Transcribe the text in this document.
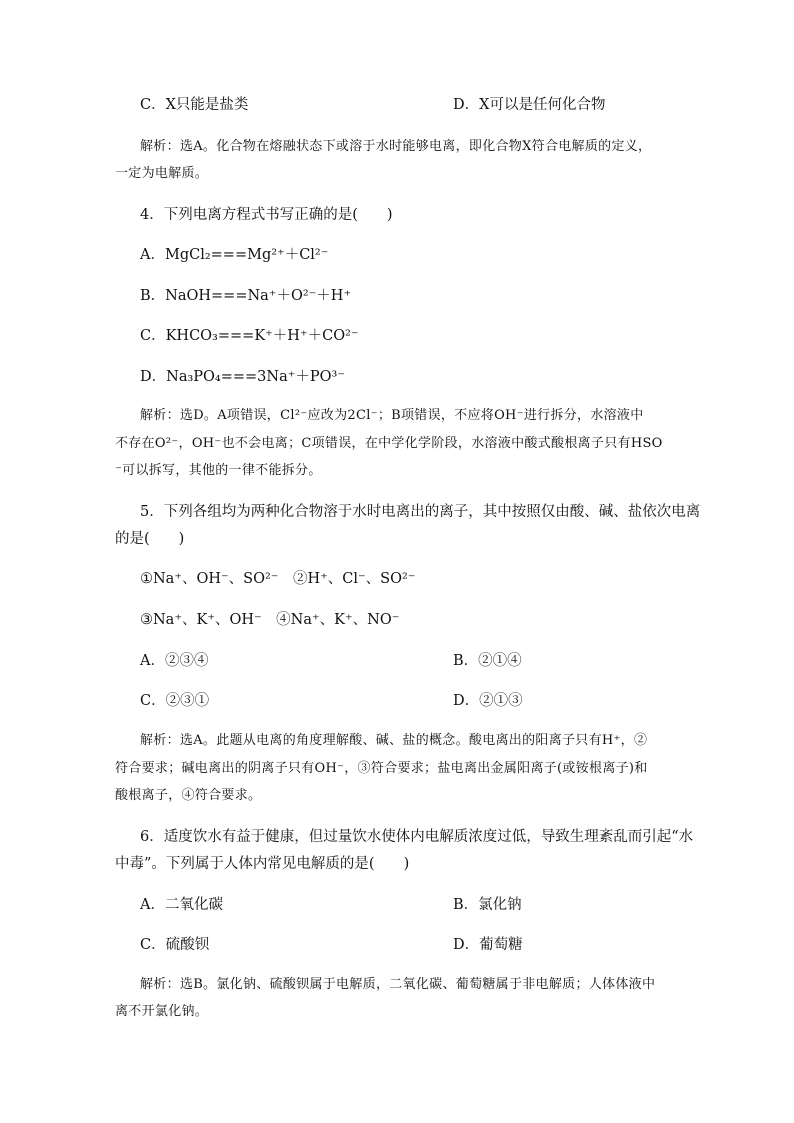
C．X只能是盐类	D．X可以是任何化合物
解析：选A。化合物在熔融状态下或溶于水时能够电离，即化合物X符合电解质的定义，
一定为电解质。
4．下列电离方程式书写正确的是(　　)
A．MgCl₂===Mg²⁺＋Cl²⁻
B．NaOH===Na⁺＋O²⁻＋H⁺
C．KHCO₃===K⁺＋H⁺＋CO²⁻
D．Na₃PO₄===3Na⁺＋PO³⁻
解析：选D。A项错误，Cl²⁻应改为2Cl⁻；B项错误，不应将OH⁻进行拆分，水溶液中
不存在O²⁻，OH⁻也不会电离；C项错误，在中学化学阶段，水溶液中酸式酸根离子只有HSO
⁻可以拆写，其他的一律不能拆分。
5．下列各组均为两种化合物溶于水时电离出的离子，其中按照仅由酸、碱、盐依次电离
的是(　　)
①Na⁺、OH⁻、SO²⁻　②H⁺、Cl⁻、SO²⁻
③Na⁺、K⁺、OH⁻　④Na⁺、K⁺、NO⁻
A．②③④	B．②①④
C．②③①	D．②①③
解析：选A。此题从电离的角度理解酸、碱、盐的概念。酸电离出的阳离子只有H⁺，②
符合要求；碱电离出的阴离子只有OH⁻，③符合要求；盐电离出金属阳离子(或铵根离子)和
酸根离子，④符合要求。
6．适度饮水有益于健康，但过量饮水使体内电解质浓度过低，导致生理紊乱而引起“水
中毒”。下列属于人体内常见电解质的是(　　)
A．二氧化碳	B．氯化钠
C．硫酸钡	D．葡萄糖
解析：选B。氯化钠、硫酸钡属于电解质，二氧化碳、葡萄糖属于非电解质；人体体液中
离不开氯化钠。
